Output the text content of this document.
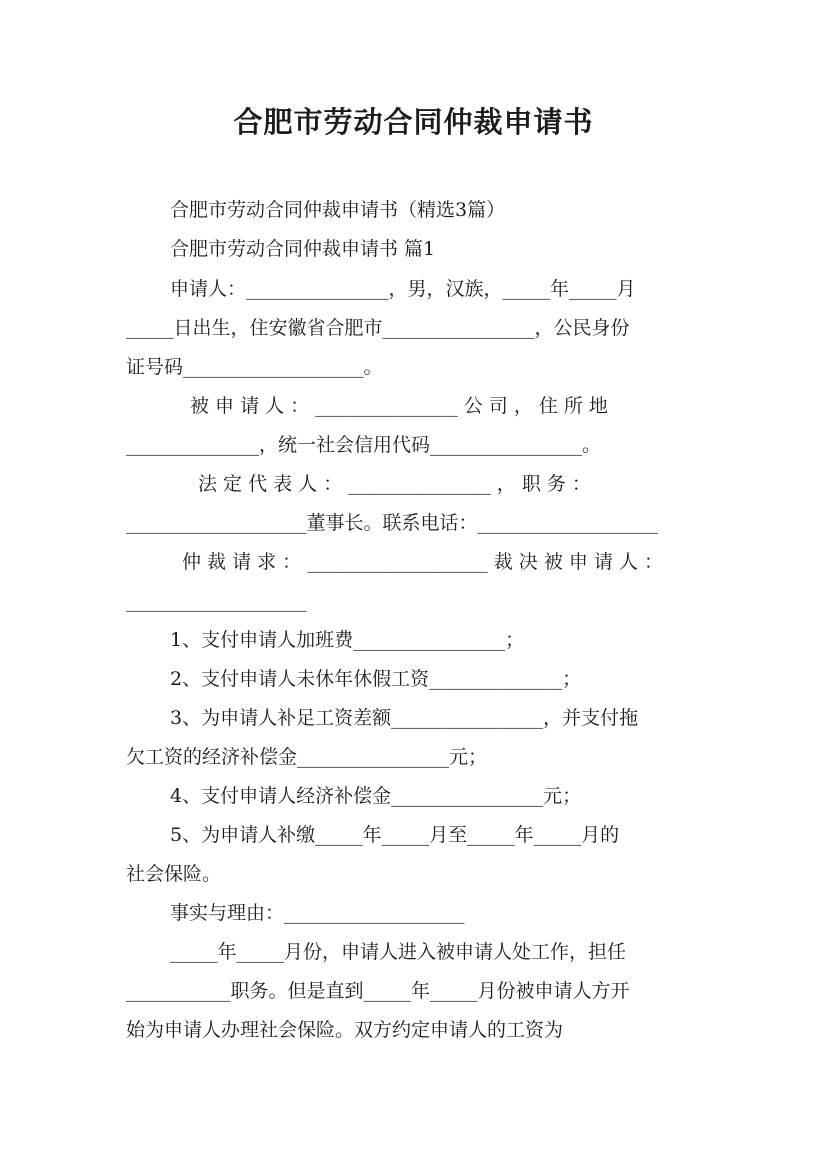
合肥市劳动合同仲裁申请书
合肥市劳动合同仲裁申请书（精选3篇）
合肥市劳动合同仲裁申请书 篇1
申请人：_______________，男，汉族，_____年_____月
_____日出生，住安徽省合肥市________________，公民身份
证号码___________________。
被 申 请 人 ： _______________ 公 司 ， 住 所 地
______________，统一社会信用代码________________。
法 定 代 表 人 ： _______________ ， 职 务 ：
___________________董事长。联系电话：___________________
仲 裁 请 求 ： ___________________ 裁 决 被 申 请 人 ：
___________________
1、支付申请人加班费________________；
2、支付申请人未休年休假工资______________；
3、为申请人补足工资差额________________，并支付拖
欠工资的经济补偿金________________元；
4、支付申请人经济补偿金________________元；
5、为申请人补缴_____年_____月至_____年_____月的
社会保险。
事实与理由：___________________
_____年_____月份，申请人进入被申请人处工作，担任
___________职务。但是直到_____年_____月份被申请人方开
始为申请人办理社会保险。双方约定申请人的工资为
